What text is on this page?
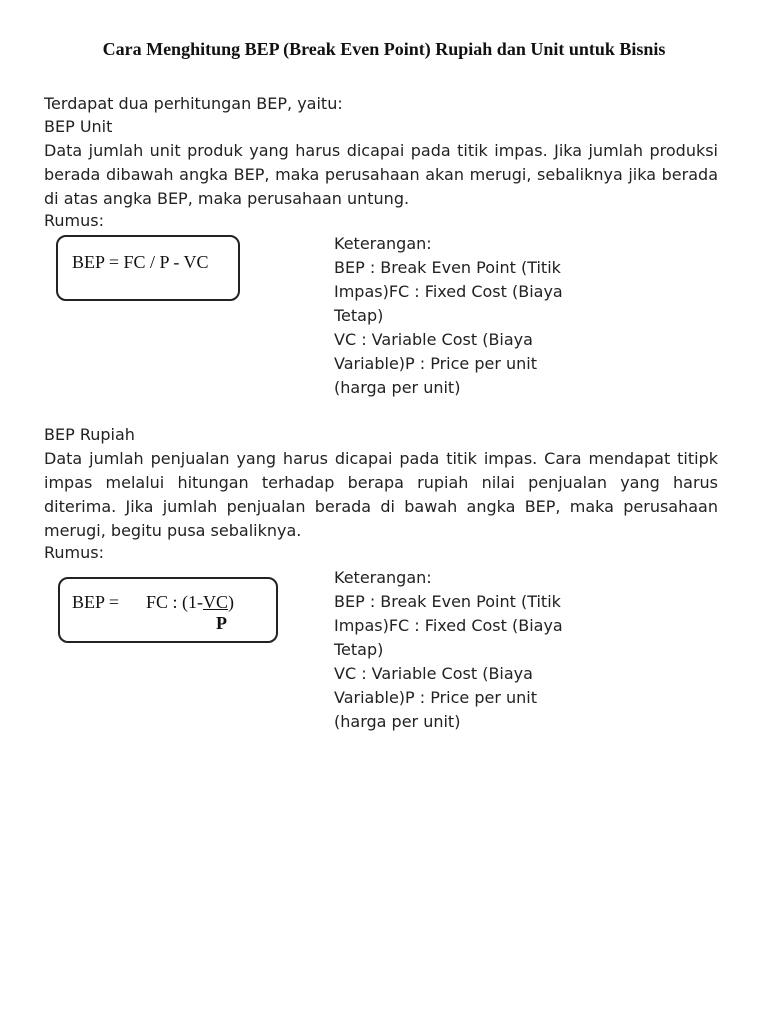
Cara Menghitung BEP (Break Even Point) Rupiah dan Unit untuk Bisnis

Terdapat dua perhitungan BEP, yaitu:

BEP Unit

Data jumlah unit produk yang harus dicapai pada titik impas. Jika jumlah produksi berada dibawah angka BEP, maka perusahaan akan merugi, sebaliknya jika berada di atas angka BEP, maka perusahaan untung.

Rumus:

BEP = FC / P - VC
Keterangan:
BEP : Break Even Point (Titik
Impas)FC : Fixed Cost (Biaya
Tetap)
VC : Variable Cost (Biaya
Variable)P : Price per unit
(harga per unit)

BEP Rupiah

Data jumlah penjualan yang harus dicapai pada titik impas. Cara mendapat titipk impas melalui hitungan terhadap berapa rupiah nilai penjualan yang harus diterima. Jika jumlah penjualan berada di bawah angka BEP, maka perusahaan merugi, begitu pusa sebaliknya.

Rumus:

BEP = FC : (1-VC)
P
Keterangan:
BEP : Break Even Point (Titik
Impas)FC : Fixed Cost (Biaya
Tetap)
VC : Variable Cost (Biaya
Variable)P : Price per unit
(harga per unit)
